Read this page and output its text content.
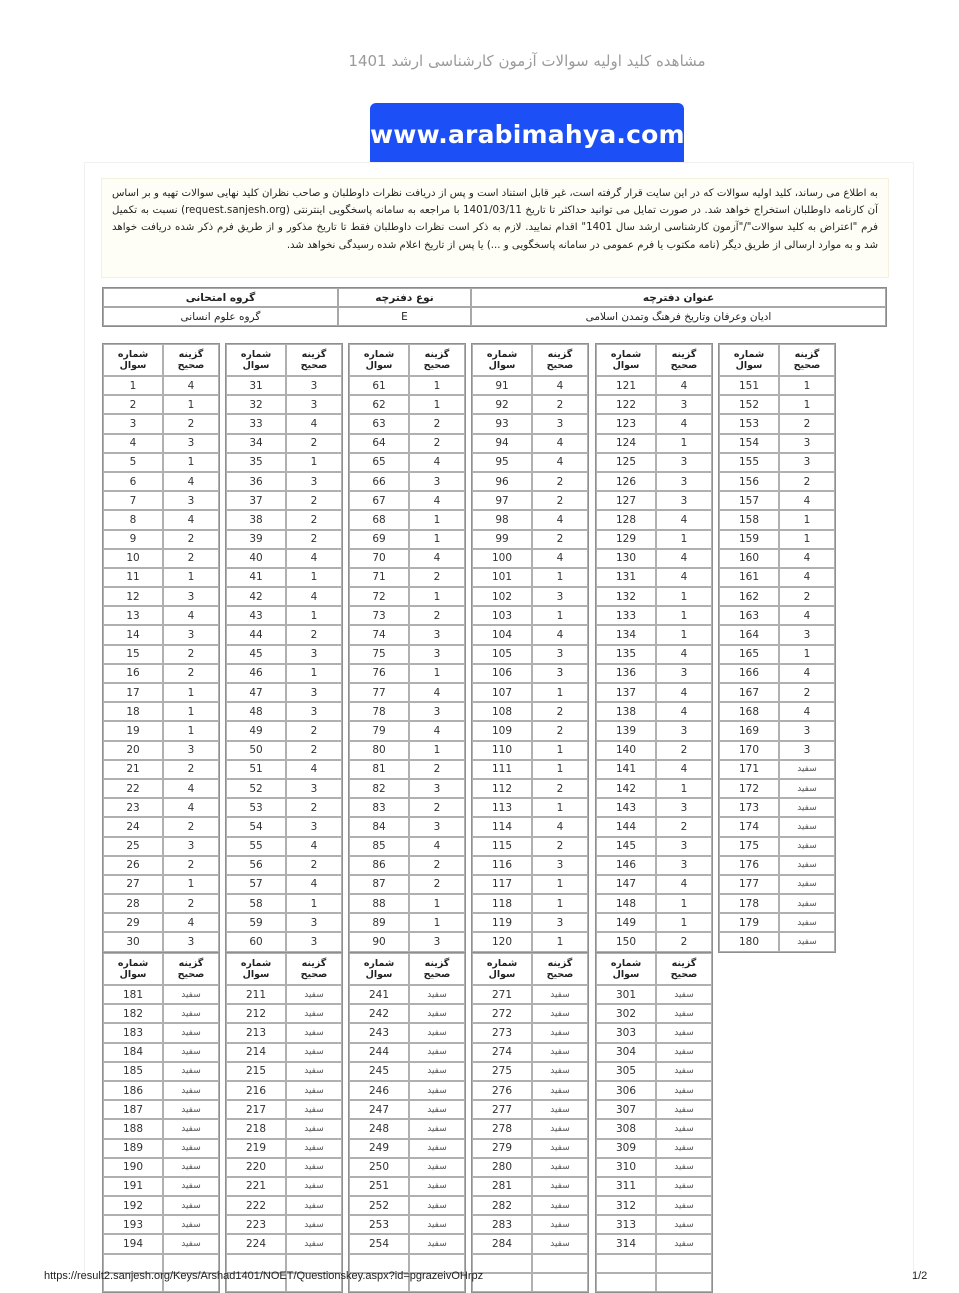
مشاهده کلید اولیه سوالات آزمون کارشناسی ارشد 1401
www.arabimahya.com
به اطلاع می رساند، کلید اولیه سوالات که در این سایت قرار گرفته است، غیر قابل استناد است و پس از دریافت نظرات داوطلبان و صاحب نظران کلید نهایی سوالات تهیه و بر اساس آن کارنامه داوطلبان استخراج خواهد شد. در صورت تمایل می توانید حداکثر تا تاریخ 1401/03/11 با مراجعه به سامانه پاسخگویی اینترنتی (request.sanjesh.org) نسبت به تکمیل فرم "اعتراض به کلید سوالات"/"آزمون کارشناسی ارشد سال 1401" اقدام نمایید. لازم به ذکر است نظرات داوطلبان فقط تا تاریخ مذکور و از طریق فرم ذکر شده دریافت خواهد شد و به موارد ارسالی از طریق دیگر (نامه مکتوب یا فرم عمومی در سامانه پاسخگویی و ...) یا پس از تاریخ اعلام شده رسیدگی نخواهد شد.
عنوان دفترچه	نوع دفترچه	گروه امتحانی
ادیان وعرفان وتاریخ فرهنگ وتمدن اسلامی	E	گروه علوم انسانی
شماره سوال	گزینه صحیح
1	4
2	1
3	2
4	3
5	1
6	4
7	3
8	4
9	2
10	2
11	1
12	3
13	4
14	3
15	2
16	2
17	1
18	1
19	1
20	3
21	2
22	4
23	4
24	2
25	3
26	2
27	1
28	2
29	4
30	3
شماره سوال	گزینه صحیح
31	3
32	3
33	4
34	2
35	1
36	3
37	2
38	2
39	2
40	4
41	1
42	4
43	1
44	2
45	3
46	1
47	3
48	3
49	2
50	2
51	4
52	3
53	2
54	3
55	4
56	2
57	4
58	1
59	3
60	3
شماره سوال	گزینه صحیح
61	1
62	1
63	2
64	2
65	4
66	3
67	4
68	1
69	1
70	4
71	2
72	1
73	2
74	3
75	3
76	1
77	4
78	3
79	4
80	1
81	2
82	3
83	2
84	3
85	4
86	2
87	2
88	1
89	1
90	3
شماره سوال	گزینه صحیح
91	4
92	2
93	3
94	4
95	4
96	2
97	2
98	4
99	2
100	4
101	1
102	3
103	1
104	4
105	3
106	3
107	1
108	2
109	2
110	1
111	1
112	2
113	1
114	4
115	2
116	3
117	1
118	1
119	3
120	1
شماره سوال	گزینه صحیح
121	4
122	3
123	4
124	1
125	3
126	3
127	3
128	4
129	1
130	4
131	4
132	1
133	1
134	1
135	4
136	3
137	4
138	4
139	3
140	2
141	4
142	1
143	3
144	2
145	3
146	3
147	4
148	1
149	1
150	2
شماره سوال	گزینه صحیح
151	1
152	1
153	2
154	3
155	3
156	2
157	4
158	1
159	1
160	4
161	4
162	2
163	4
164	3
165	1
166	4
167	2
168	4
169	3
170	3
171	سفید
172	سفید
173	سفید
174	سفید
175	سفید
176	سفید
177	سفید
178	سفید
179	سفید
180	سفید
شماره سوال	گزینه صحیح
181	سفید
182	سفید
183	سفید
184	سفید
185	سفید
186	سفید
187	سفید
188	سفید
189	سفید
190	سفید
191	سفید
192	سفید
193	سفید
194	سفید

شماره سوال	گزینه صحیح
211	سفید
212	سفید
213	سفید
214	سفید
215	سفید
216	سفید
217	سفید
218	سفید
219	سفید
220	سفید
221	سفید
222	سفید
223	سفید
224	سفید

شماره سوال	گزینه صحیح
241	سفید
242	سفید
243	سفید
244	سفید
245	سفید
246	سفید
247	سفید
248	سفید
249	سفید
250	سفید
251	سفید
252	سفید
253	سفید
254	سفید

شماره سوال	گزینه صحیح
271	سفید
272	سفید
273	سفید
274	سفید
275	سفید
276	سفید
277	سفید
278	سفید
279	سفید
280	سفید
281	سفید
282	سفید
283	سفید
284	سفید

شماره سوال	گزینه صحیح
301	سفید
302	سفید
303	سفید
304	سفید
305	سفید
306	سفید
307	سفید
308	سفید
309	سفید
310	سفید
311	سفید
312	سفید
313	سفید
314	سفید

https://result2.sanjesh.org/Keys/Arshad1401/NOET/Questionskey.aspx?id=pgrazeivOHrpz	1/2
